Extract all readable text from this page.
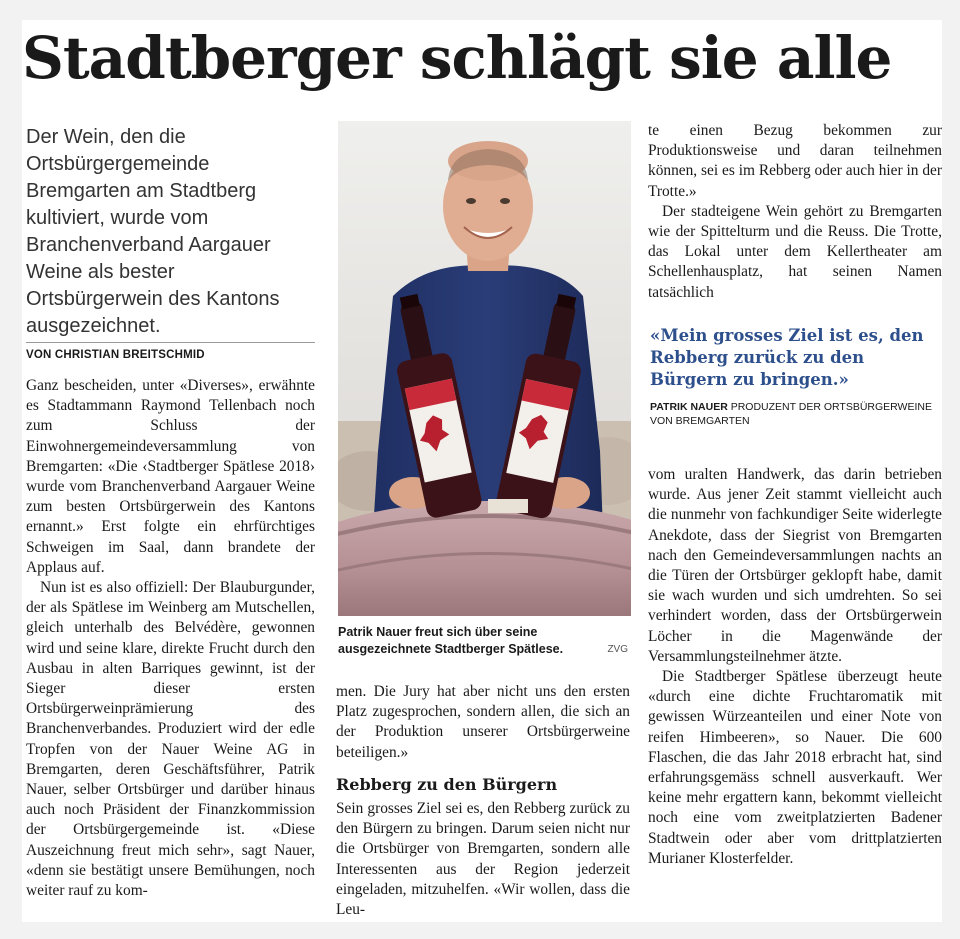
Stadtberger schlägt sie alle
Der Wein, den die Ortsbürgergemeinde Bremgarten am Stadtberg kultiviert, wurde vom Branchenverband Aargauer Weine als bester Ortsbürgerwein des Kantons ausgezeichnet.
VON CHRISTIAN BREITSCHMID

Ganz bescheiden, unter «Diverses», erwähnte es Stadtammann Raymond Tellenbach noch zum Schluss der Einwohnergemeindeversammlung von Bremgarten: «Die ‹Stadtberger Spätlese 2018› wurde vom Branchenverband Aargauer Weine zum besten Ortsbürgerwein des Kantons ernannt.» Erst folgte ein ehrfürchtiges Schweigen im Saal, dann brandete der Applaus auf.

Nun ist es also offiziell: Der Blauburgunder, der als Spätlese im Weinberg am Mutschellen, gleich unterhalb des Belvédère, gewonnen wird und seine klare, direkte Frucht durch den Ausbau in alten Barriques gewinnt, ist der Sieger dieser ersten Ortsbürgerweinprämierung des Branchenverbandes. Produziert wird der edle Tropfen von der Nauer Weine AG in Bremgarten, deren Geschäftsführer, Patrik Nauer, selber Ortsbürger und darüber hinaus auch noch Präsident der Finanzkommission der Ortsbürgergemeinde ist. «Diese Auszeichnung freut mich sehr», sagt Nauer, «denn sie bestätigt unsere Bemühungen, noch weiter rauf zu kom-

Patrik Nauer freut sich über seine ausgezeichnete Stadtberger Spätlese.	ZVG

men. Die Jury hat aber nicht uns den ersten Platz zugesprochen, sondern allen, die sich an der Produktion unserer Ortsbürgerweine beteiligen.»

Rebberg zu den Bürgern

Sein grosses Ziel sei es, den Rebberg zurück zu den Bürgern zu bringen. Darum seien nicht nur die Ortsbürger von Bremgarten, sondern alle Interessenten aus der Region jederzeit eingeladen, mitzuhelfen. «Wir wollen, dass die Leu-

te einen Bezug bekommen zur Produktionsweise und daran teilnehmen können, sei es im Rebberg oder auch hier in der Trotte.»

Der stadteigene Wein gehört zu Bremgarten wie der Spittelturm und die Reuss. Die Trotte, das Lokal unter dem Kellertheater am Schellenhausplatz, hat seinen Namen tatsächlich

«Mein grosses Ziel ist es, den Rebberg zurück zu den Bürgern zu bringen.»
PATRIK NAUER PRODUZENT DER ORTSBÜRGERWEINE VON BREMGARTEN

vom uralten Handwerk, das darin betrieben wurde. Aus jener Zeit stammt vielleicht auch die nunmehr von fachkundiger Seite widerlegte Anekdote, dass der Siegrist von Bremgarten nach den Gemeindeversammlungen nachts an die Türen der Ortsbürger geklopft habe, damit sie wach wurden und sich umdrehten. So sei verhindert worden, dass der Ortsbürgerwein Löcher in die Magenwände der Versammlungsteilnehmer ätzte.

Die Stadtberger Spätlese überzeugt heute «durch eine dichte Fruchtaromatik mit gewissen Würzeanteilen und einer Note von reifen Himbeeren», so Nauer. Die 600 Flaschen, die das Jahr 2018 erbracht hat, sind erfahrungsgemäss schnell ausverkauft. Wer keine mehr ergattern kann, bekommt vielleicht noch eine vom zweitplatzierten Badener Stadtwein oder aber vom drittplatzierten Murianer Klosterfelder.
